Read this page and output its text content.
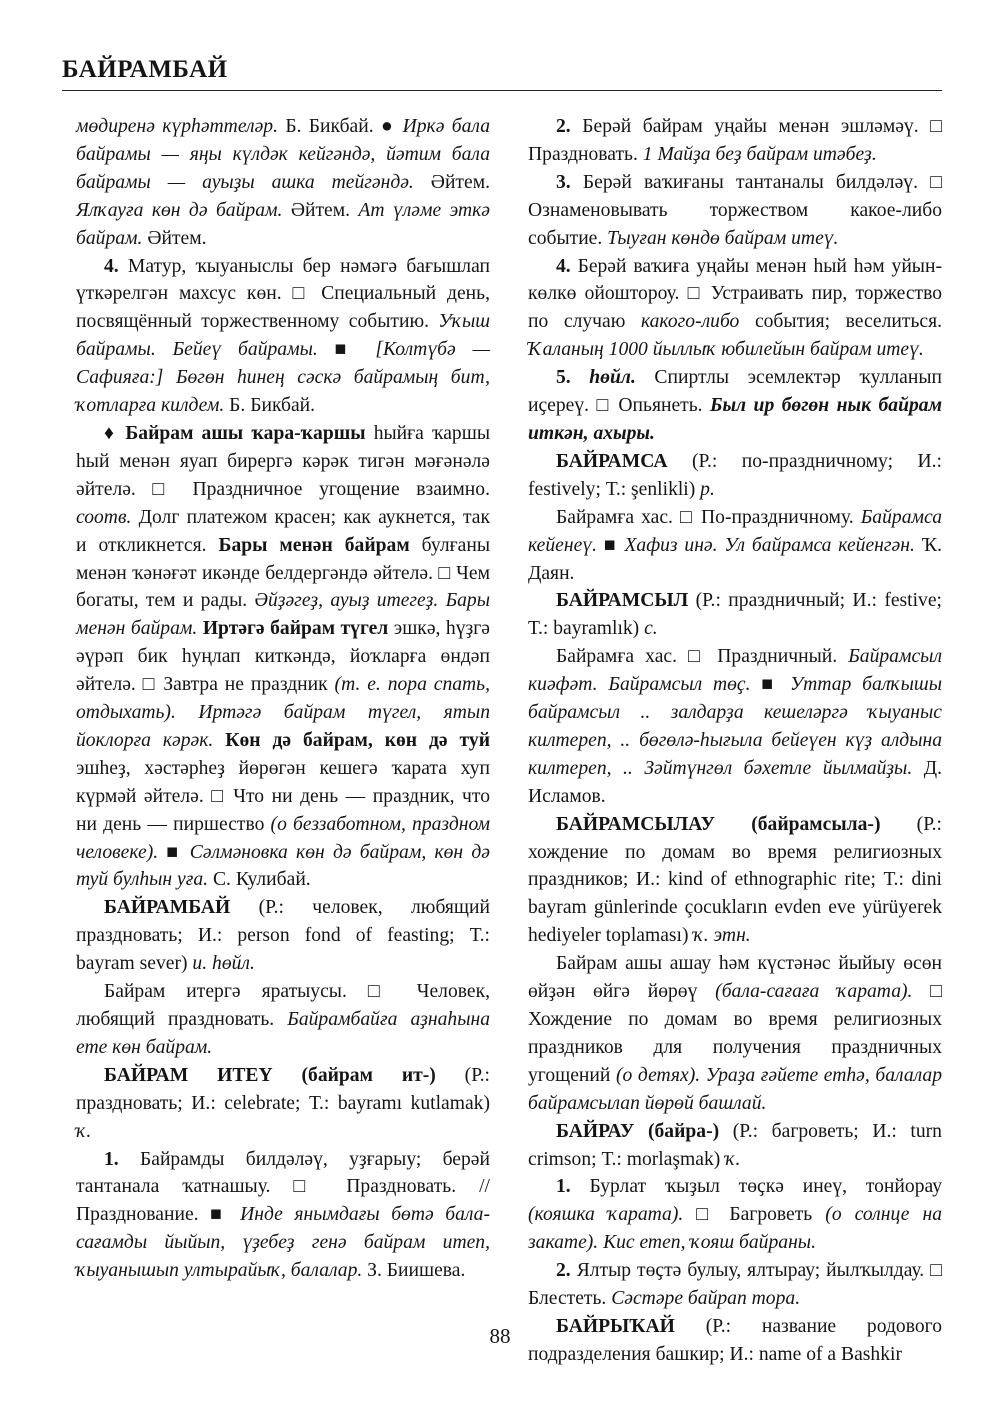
БАЙРАМБАЙ

мөдиренә күрһәттеләр. Б. Бикбай. ● Иркә бала байрамы — яңы күлдәк кейгәндә, йәтим бала байрамы — ауыҙы ашка тейгәндә. Әйтем. Ялҡауға көн дә байрам. Әйтем. Ат үләме эткә байрам. Әйтем.

4. Матур, ҡыуаныслы бер нәмәгә бағышлап үткәрелгән махсус көн. □ Специальный день, посвящённый торжественному событию. Уҡыш байрамы. Бейеү байрамы. ■ [Колтүбә — Сафияға:] Бөгөн һинең сәскә байрамың бит, ҡотларға килдем. Б. Бикбай.

♦ Байрам ашы ҡара-ҡаршы һыйға ҡаршы һый менән яуап бирергә кәрәк тигән мәғәнәлә әйтелә. □ Праздничное угощение взаимно. соотв. Долг платежом красен; как аукнется, так и откликнется. Бары менән байрам булғаны менән ҡәнәғәт икәнде белдергәндә әйтелә. □ Чем богаты, тем и рады. Әйҙәгеҙ, ауыҙ итегеҙ. Бары менән байрам. Иртәгә байрам түгел эшкә, һүҙгә әүрәп бик һуңлап киткәндә, йоҡларға өндәп әйтелә. □ Завтра не праздник (т. е. пора спать, отдыхать). Иртәгә байрам түгел, ятып йоклорға кәрәк. Көн дә байрам, көн дә туй эшһеҙ, хәстәрһеҙ йөрөгән кешегә ҡарата хуп күрмәй әйтелә. □ Что ни день — праздник, что ни день — пиршество (о беззаботном, праздном человеке). ■ Сәлмәновка көн дә байрам, көн дә туй булһын уға. С. Кулибай.

БАЙРАМБАЙ (Р.: человек, любящий праздновать; И.: person fond of feasting; Т.: bayram sever) и. һөйл.

Байрам итергә яратыусы. □ Человек, любящий праздновать. Байрамбайға аҙнаһына ете көн байрам.

БАЙРАМ ИТЕҮ (байрам ит-) (Р.: праздновать; И.: celebrate; Т.: bayramı kutlamak) ҡ.

1. Байрамды билдәләү, уҙғарыу; берәй тантанала ҡатнашыу. □ Праздновать. // Празднование. ■ Инде янымдағы бөтә бала-сағамды йыйып, үҙебеҙ генә байрам итеп, ҡыуанышып ултырайыҡ, балалар. З. Биишева.

2. Берәй байрам уңайы менән эшләмәү. □ Праздновать. 1 Майҙа беҙ байрам итәбеҙ.

3. Берәй ваҡиғаны тантаналы билдәләү. □ Ознаменовывать торжеством какое-либо событие. Тыуған көндө байрам итеү.

4. Берәй ваҡиға уңайы менән һый һәм уйын-көлкө ойоштороу. □ Устраивать пир, торжество по случаю какого-либо события; веселиться. Ҡаланың 1000 йыллыҡ юбилейын байрам итеү.

5. һөйл. Спиртлы эсемлектәр ҡулланып иҫереү. □ Опьянеть. Был ир бөгөн нык байрам иткән, ахыры.

БАЙРАМСА (Р.: по-праздничному; И.: festively; Т.: şenlikli) р.

Байрамға хас. □ По-праздничному. Байрамса кейенеү. ■ Хафиз инә. Ул байрамса кейенгән. Ҡ. Даян.

БАЙРАМСЫЛ (Р.: праздничный; И.: festive; Т.: bayramlık) с.

Байрамға хас. □ Праздничный. Байрамсыл киәфәт. Байрамсыл төҫ. ■ Уттар балҡышы байрамсыл .. залдарҙа кешеләргә ҡыуаныс килтереп, .. бөгөлә-һығыла бейеүен күҙ алдына килтереп, .. Зәйтүнгөл бәхетле йылмайҙы. Д. Исламов.

БАЙРАМСЫЛАУ (байрамсыла-) (Р.: хождение по домам во время религиозных праздников; И.: kind of ethnographic rite; Т.: dini bayram günlerinde çocukların evden eve yürüyerek hediyeler toplaması) ҡ. этн.

Байрам ашы ашау һәм күстәнәс йыйыу өсөн өйҙән өйгә йөрөү (бала-сағаға ҡарата). □ Хождение по домам во время религиозных праздников для получения праздничных угощений (о детях). Ураҙа ғәйете етһә, балалар байрамсылап йөрөй башлай.

БАЙРАУ (байра-) (Р.: багроветь; И.: turn crimson; Т.: morlaşmak) ҡ.

1. Бурлат ҡыҙыл төҫкә инеү, тонйорау (кояшка ҡарата). □ Багроветь (о солнце на закате). Кис етеп, ҡояш байраны.

2. Ялтыр төҫтә булыу, ялтырау; йылҡылдау. □ Блестеть. Сәстәре байрап тора.

БАЙРЫҠАЙ (Р.: название родового подразделения башкир; И.: name of a Bashkir

88
